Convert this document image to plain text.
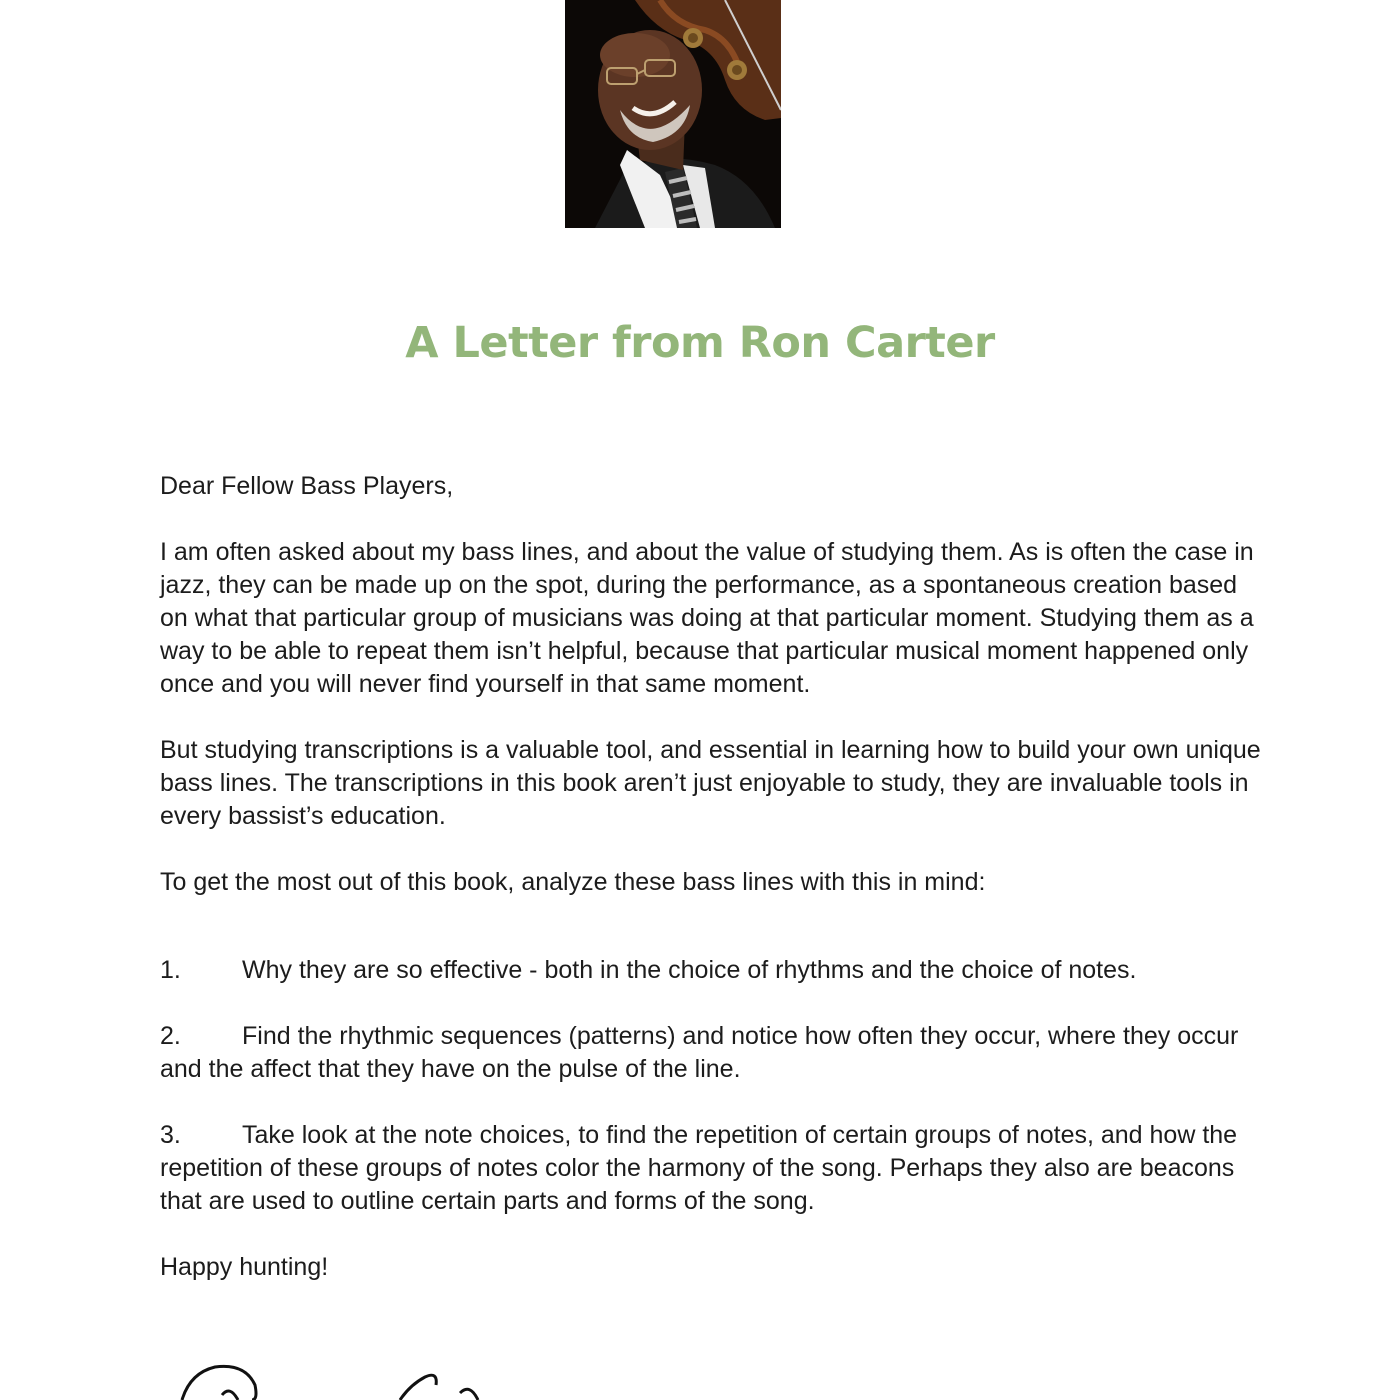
A Letter from Ron Carter

Dear Fellow Bass Players,

I am often asked about my bass lines, and about the value of studying them. As is often the case in jazz, they can be made up on the spot, during the performance, as a spontaneous creation based on what that particular group of musicians was doing at that particular moment. Studying them as a way to be able to repeat them isn’t helpful, because that particular musical moment happened only once and you will never find yourself in that same moment.

But studying transcriptions is a valuable tool, and essential in learning how to build your own unique bass lines. The transcriptions in this book aren’t just enjoyable to study, they are invaluable tools in every bassist’s education.

To get the most out of this book, analyze these bass lines with this in mind:

1. Why they are so effective - both in the choice of rhythms and the choice of notes.
2. Find the rhythmic sequences (patterns) and notice how often they occur, where they occur and the affect that they have on the pulse of the line.
3. Take look at the note choices, to find the repetition of certain groups of notes, and how the repetition of these groups of notes color the harmony of the song. Perhaps they also are beacons that are used to outline certain parts and forms of the song.

Happy hunting!
